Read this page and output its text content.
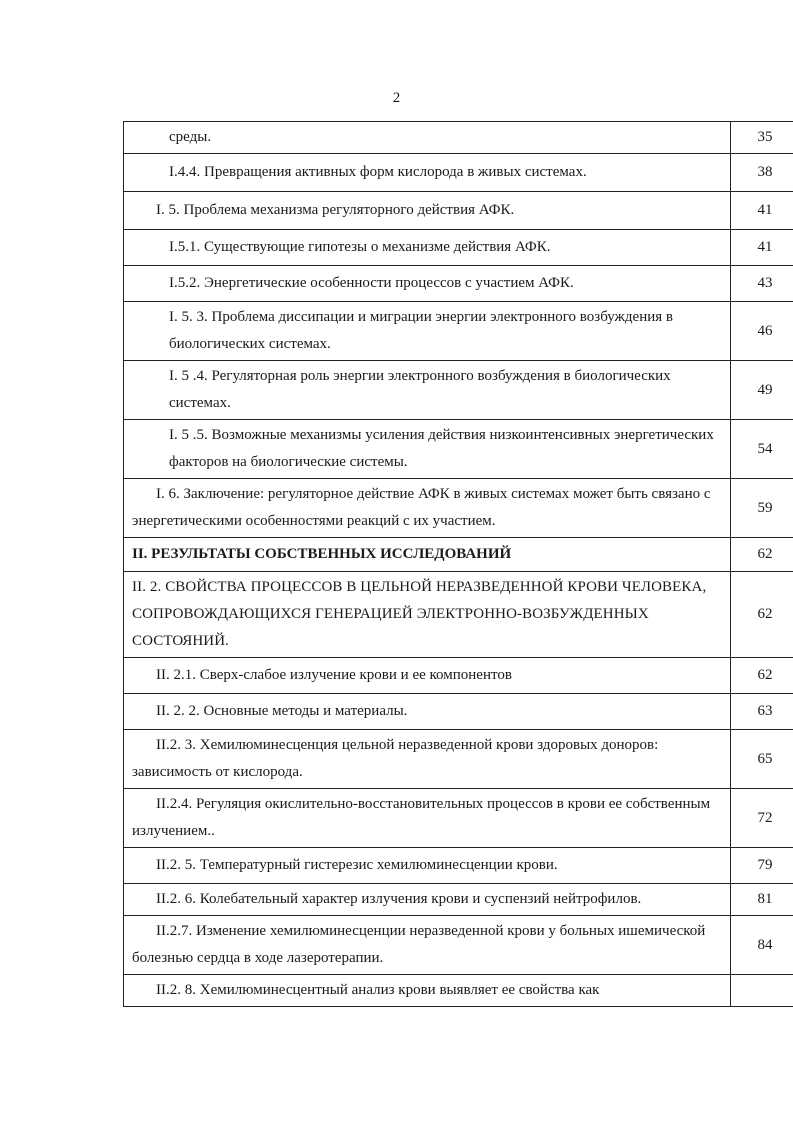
2
среды.	35
I.4.4. Превращения активных форм кислорода в живых системах.	38
I. 5. Проблема механизма регуляторного действия АФК.	41
I.5.1. Существующие гипотезы о механизме действия АФК.	41
I.5.2. Энергетические особенности процессов с участием АФК.	43
I. 5. 3. Проблема диссипации и миграции энергии электронного возбуждения в биологических системах.	46
I. 5 .4. Регуляторная роль энергии электронного возбуждения в биологических системах.	49
I. 5 .5. Возможные механизмы усиления действия низкоинтенсивных энергетических факторов на биологические системы.	54
I. 6. Заключение: регуляторное действие АФК в живых системах может быть связано с энергетическими особенностями реакций с их участием.	59
II. РЕЗУЛЬТАТЫ СОБСТВЕННЫХ ИССЛЕДОВАНИЙ	62
II. 2. СВОЙСТВА ПРОЦЕССОВ В ЦЕЛЬНОЙ НЕРАЗВЕДЕННОЙ КРОВИ ЧЕЛОВЕКА, СОПРОВОЖДАЮЩИХСЯ ГЕНЕРАЦИЕЙ ЭЛЕКТРОННО-ВОЗБУЖДЕННЫХ СОСТОЯНИЙ.	62
II. 2.1. Сверх-слабое излучение крови и ее компонентов	62
II. 2. 2. Основные методы и материалы.	63
II.2. 3. Хемилюминесценция цельной неразведенной крови здоровых доноров: зависимость от кислорода.	65
II.2.4. Регуляция окислительно-восстановительных процессов в крови ее собственным излучением..	72
II.2. 5. Температурный гистерезис хемилюминесценции крови.	79
II.2. 6. Колебательный характер излучения крови и суспензий нейтрофилов.	81
II.2.7. Изменение хемилюминесценции неразведенной крови у больных ишемической болезнью сердца в ходе лазеротерапии.	84
II.2. 8. Хемилюминесцентный анализ крови выявляет ее свойства как	
